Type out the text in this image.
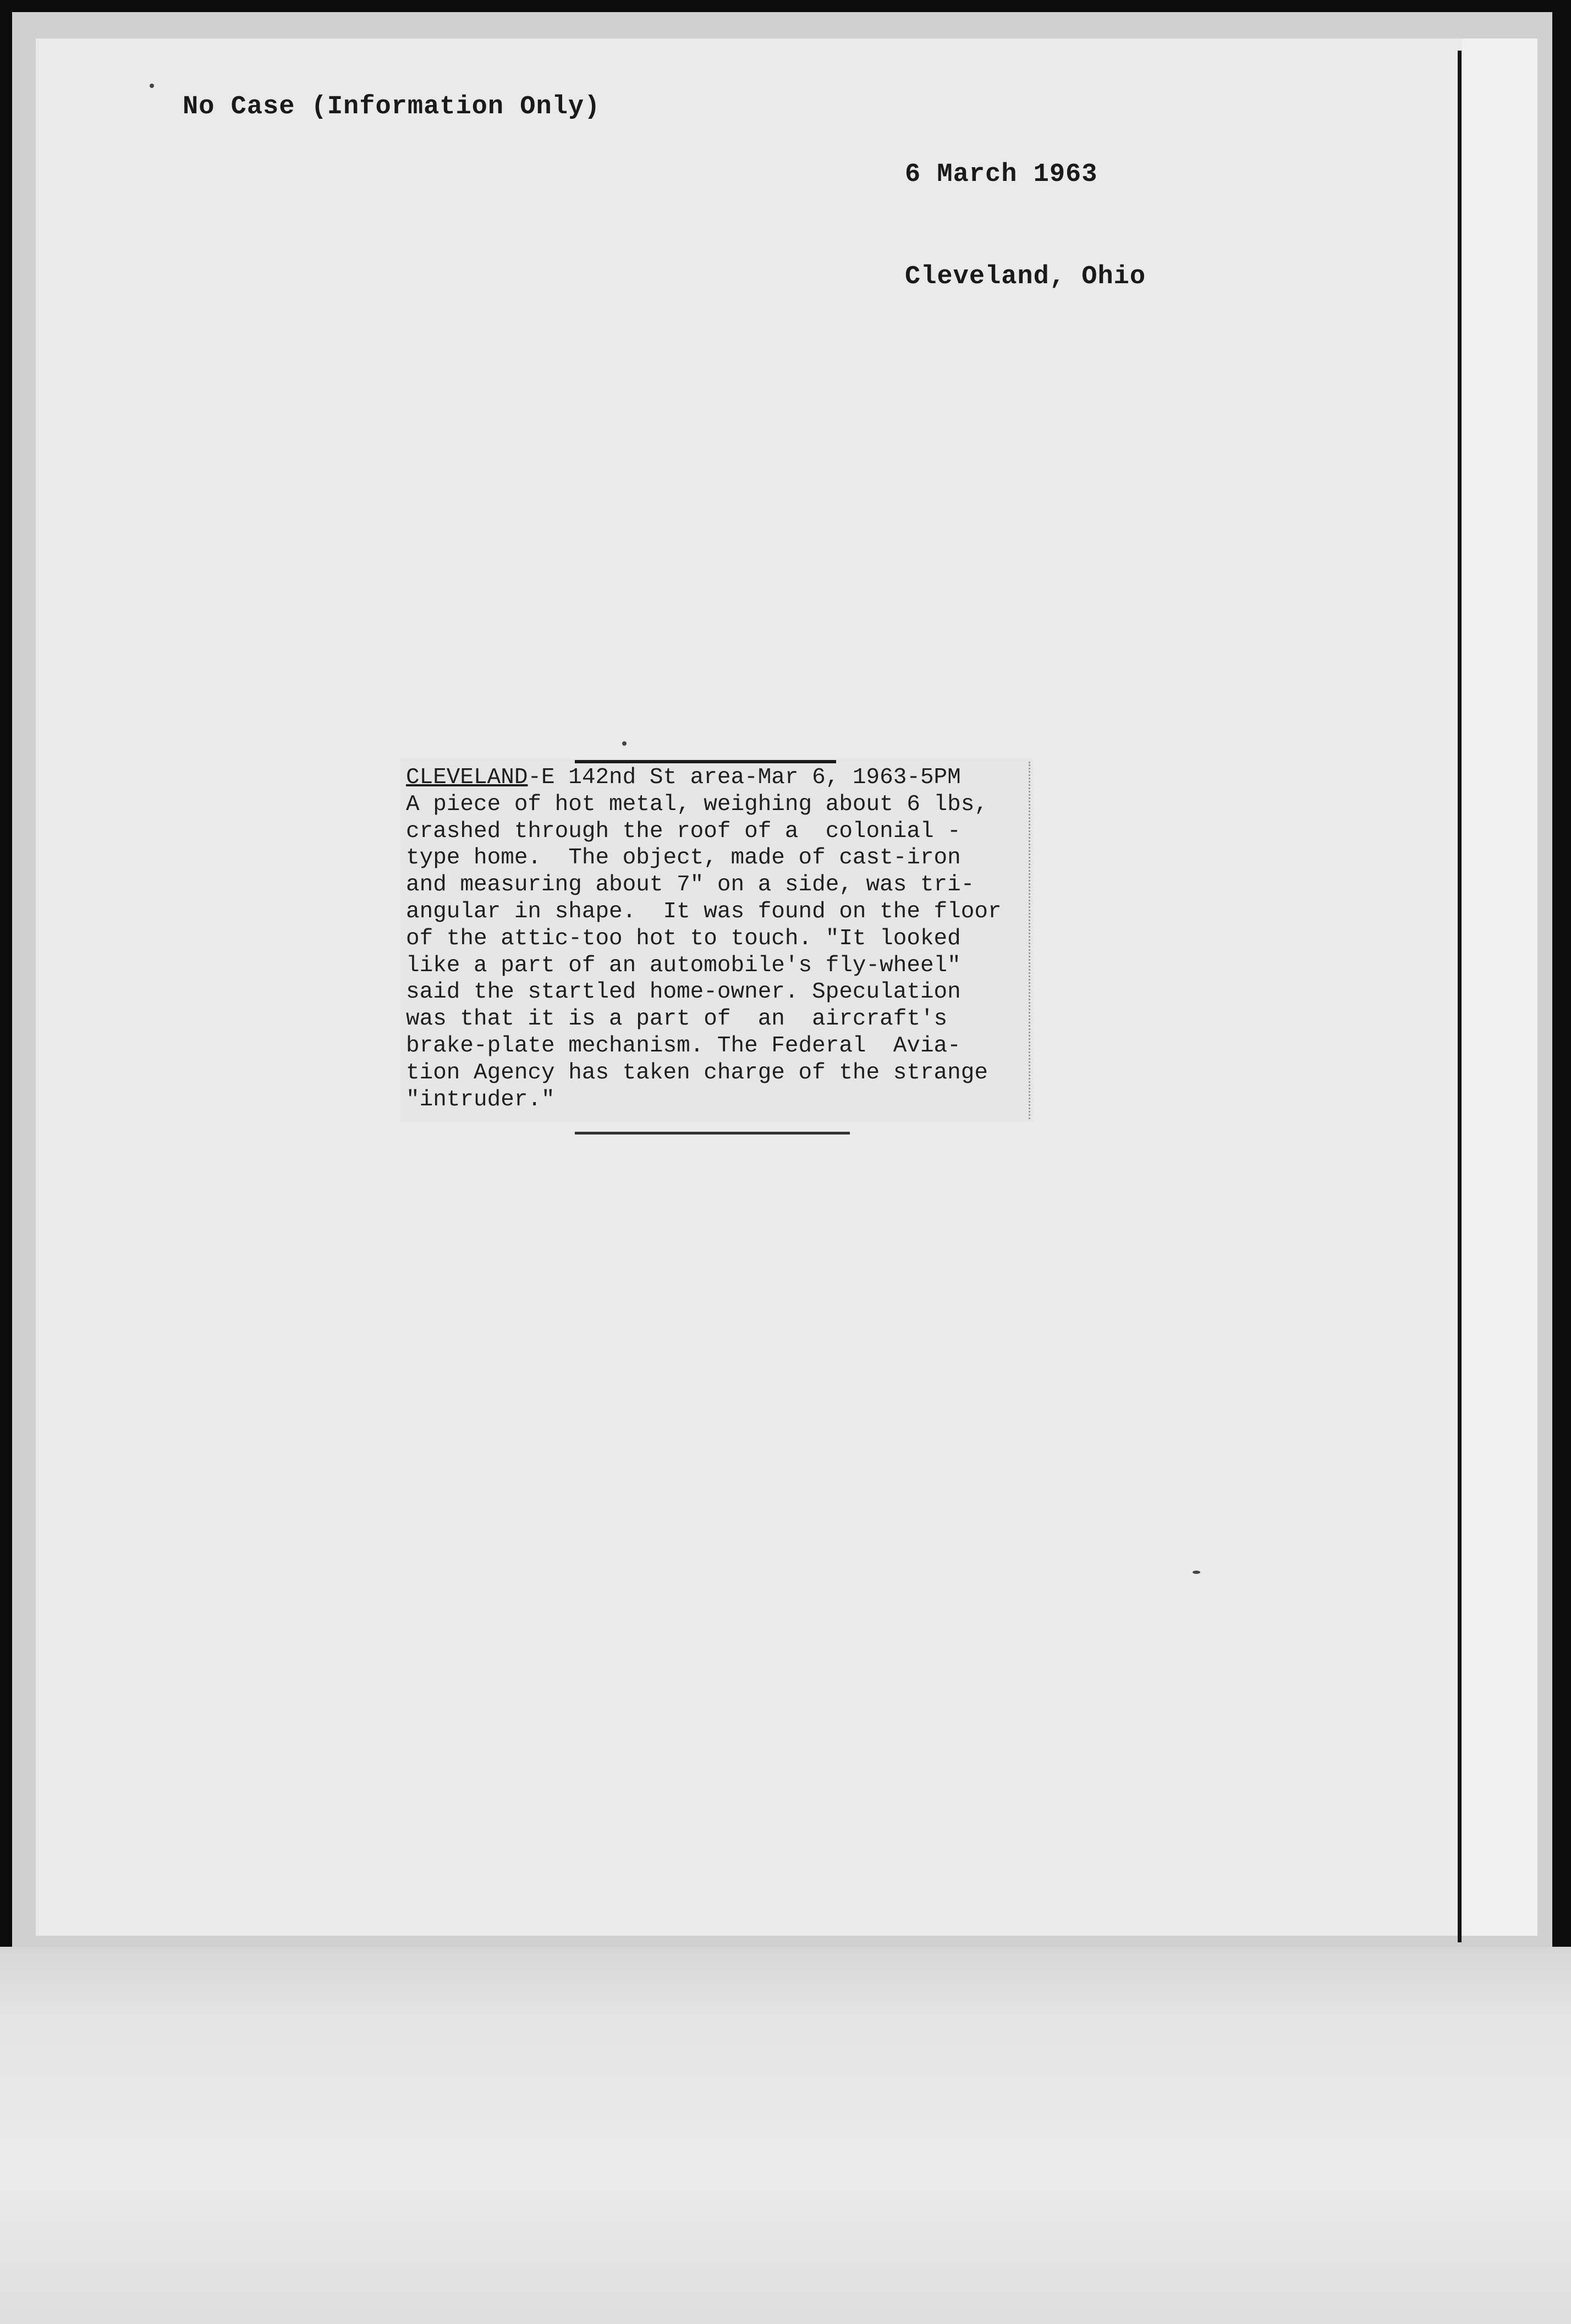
No Case (Information Only)

6 March 1963

Cleveland, Ohio

CLEVELAND-E 142nd St area-Mar 6, 1963-5PM
A piece of hot metal, weighing about 6 lbs,
crashed through the roof of a  colonial -
type home.  The object, made of cast-iron
and measuring about 7" on a side, was tri-
angular in shape.  It was found on the floor
of the attic-too hot to touch. "It looked
like a part of an automobile's fly-wheel"
said the startled home-owner. Speculation
was that it is a part of  an  aircraft's
brake-plate mechanism. The Federal  Avia-
tion Agency has taken charge of the strange
"intruder."
